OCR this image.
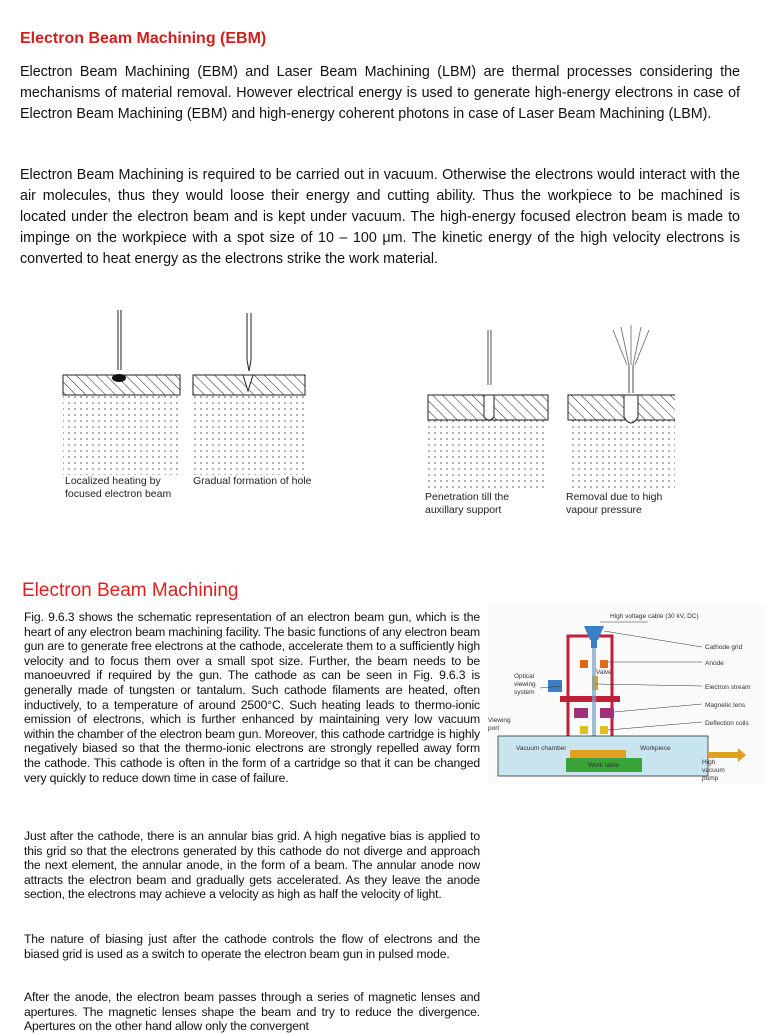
Electron Beam Machining (EBM)

Electron Beam Machining (EBM) and Laser Beam Machining (LBM) are thermal processes considering the mechanisms of material removal. However electrical energy is used to generate high-energy electrons in case of Electron Beam Machining (EBM) and high-energy coherent photons in case of Laser Beam Machining (LBM).

Electron Beam Machining is required to be carried out in vacuum. Otherwise the electrons would interact with the air molecules, thus they would loose their energy and cutting ability. Thus the workpiece to be machined is located under the electron beam and is kept under vacuum. The high-energy focused electron beam is made to impinge on the workpiece with a spot size of 10 – 100 μm. The kinetic energy of the high velocity electrons is converted to heat energy as the electrons strike the work material.

Localized heating by
focused electron beam
Gradual formation of hole
Penetration till the
auxillary support
Removal due to high
vapour pressure
Electron Beam Machining

Fig. 9.6.3 shows the schematic representation of an electron beam gun, which is the heart of any electron beam machining facility. The basic functions of any electron beam gun are to generate free electrons at the cathode, accelerate them to a sufficiently high velocity and to focus them over a small spot size. Further, the beam needs to be manoeuvred if required by the gun. The cathode as can be seen in Fig. 9.6.3 is generally made of tungsten or tantalum. Such cathode filaments are heated, often inductively, to a temperature of around 2500°C. Such heating leads to thermo-ionic emission of electrons, which is further enhanced by maintaining very low vacuum within the chamber of the electron beam gun. Moreover, this cathode cartridge is highly negatively biased so that the thermo-ionic electrons are strongly repelled away form the cathode. This cathode is often in the form of a cartridge so that it can be changed very quickly to reduce down time in case of failure.

Just after the cathode, there is an annular bias grid. A high negative bias is applied to this grid so that the electrons generated by this cathode do not diverge and approach the next element, the annular anode, in the form of a beam. The annular anode now attracts the electron beam and gradually gets accelerated. As they leave the anode section, the electrons may achieve a velocity as high as half the velocity of light.

The nature of biasing just after the cathode controls the flow of electrons and the biased grid is used as a switch to operate the electron beam gun in pulsed mode.

After the anode, the electron beam passes through a series of magnetic lenses and apertures. The magnetic lenses shape the beam and try to reduce the divergence. Apertures on the other hand allow only the convergent

High voltage cable (30 kV, DC)
Cathode grid
Anode
Electron stream
Magnetic lens
Deflection coils
Optical
viewing
system
Valve
Viewing
port
Vacuum chamber	Workpiece
Work table	High
vacuum
pump
